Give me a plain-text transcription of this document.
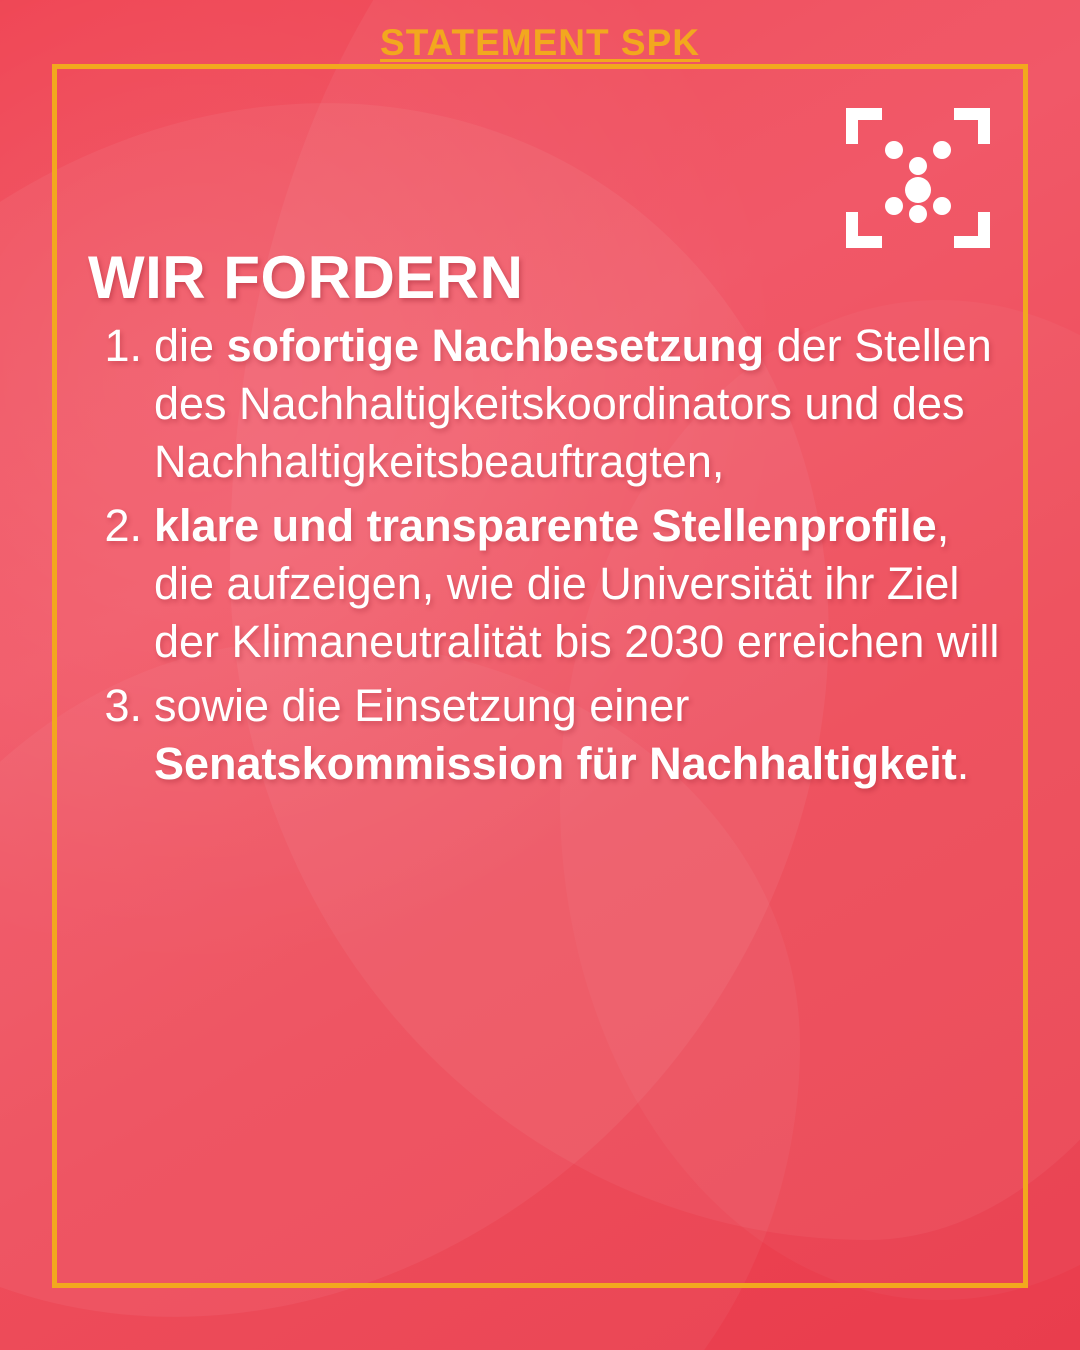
STATEMENT SPK
WIR FORDERN
1. die sofortige Nachbesetzung der Stellen des Nachhaltigkeitskoordinators und des Nachhaltigkeitsbeauftragten,
2. klare und transparente Stellenprofile, die aufzeigen, wie die Universität ihr Ziel der Klimaneutralität bis 2030 erreichen will
3. sowie die Einsetzung einer Senatskommission für Nachhaltigkeit.
